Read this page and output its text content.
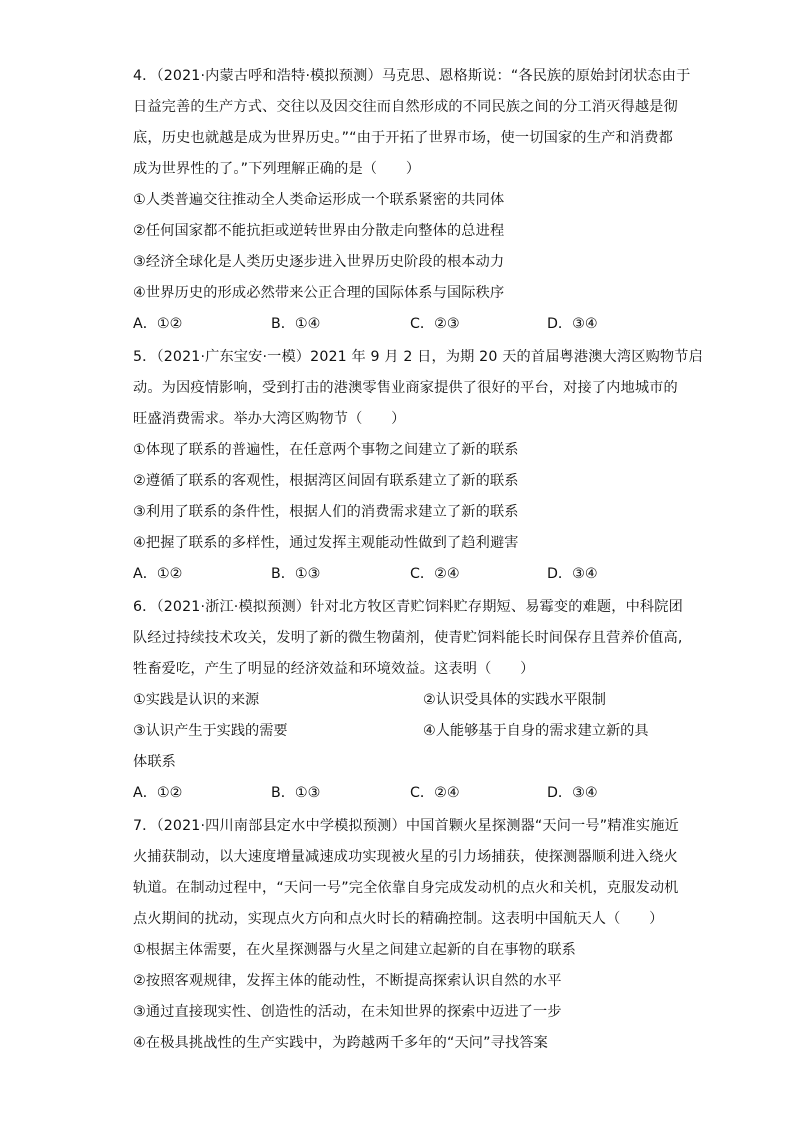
4．（2021·内蒙古呼和浩特·模拟预测）马克思、恩格斯说：“各民族的原始封闭状态由于
日益完善的生产方式、交往以及因交往而自然形成的不同民族之间的分工消灭得越是彻
底，历史也就越是成为世界历史。”“由于开拓了世界市场，使一切国家的生产和消费都
成为世界性的了。”下列理解正确的是（　　）
①人类普遍交往推动全人类命运形成一个联系紧密的共同体
②任何国家都不能抗拒或逆转世界由分散走向整体的总进程
③经济全球化是人类历史逐步进入世界历史阶段的根本动力
④世界历史的形成必然带来公正合理的国际体系与国际秩序
A．①②	B．①④	C．②③	D．③④
5．（2021·广东宝安·一模）2021 年 9 月 2 日，为期 20 天的首届粤港澳大湾区购物节启
动。为因疫情影响，受到打击的港澳零售业商家提供了很好的平台，对接了内地城市的
旺盛消费需求。举办大湾区购物节（　　）
①体现了联系的普遍性，在任意两个事物之间建立了新的联系
②遵循了联系的客观性，根据湾区间固有联系建立了新的联系
③利用了联系的条件性，根据人们的消费需求建立了新的联系
④把握了联系的多样性，通过发挥主观能动性做到了趋利避害
A．①②	B．①③	C．②④	D．③④
6．（2021·浙江·模拟预测）针对北方牧区青贮饲料贮存期短、易霉变的难题，中科院团
队经过持续技术攻关，发明了新的微生物菌剂，使青贮饲料能长时间保存且营养价值高,
牲畜爱吃，产生了明显的经济效益和环境效益。这表明（　　）
①实践是认识的来源	②认识受具体的实践水平限制
③认识产生于实践的需要	④人能够基于自身的需求建立新的具
体联系
A．①②	B．①③	C．②④	D．③④
7．（2021·四川南部县定水中学模拟预测）中国首颗火星探测器“天问一号”精准实施近
火捕获制动，以大速度增量减速成功实现被火星的引力场捕获，使探测器顺利进入绕火
轨道。在制动过程中，“天问一号”完全依靠自身完成发动机的点火和关机，克服发动机
点火期间的扰动，实现点火方向和点火时长的精确控制。这表明中国航天人（　　）
①根据主体需要，在火星探测器与火星之间建立起新的自在事物的联系
②按照客观规律，发挥主体的能动性，不断提高探索认识自然的水平
③通过直接现实性、创造性的活动，在未知世界的探索中迈进了一步
④在极具挑战性的生产实践中，为跨越两千多年的“天问”寻找答案
